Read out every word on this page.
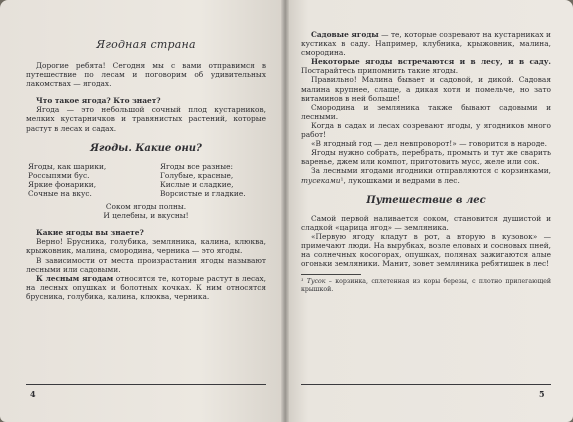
Ягодная страна

Дорогие ребята! Сегодня мы с вами отправимся в путешествие по лесам и поговорим об удивительных лакомствах — ягодах.

Что такое ягода? Кто знает?

Ягода — это небольшой сочный плод кустарников, мелких кустарничков и травянистых растений, которые растут в лесах и садах.

Ягоды. Какие они?
Ягоды, как шарики,
Россыпями бус.
Яркие фонарики,
Сочные на вкус.
Ягоды все разные:
Голубые, красные,
Кислые и сладкие,
Ворсистые и гладкие.
Соком ягоды полны.
И целебны, и вкусны!

Какие ягоды вы знаете?

Верно! Брусника, голубика, земляника, калина, клюква, крыжовник, малина, смородина, черника — это ягоды.

В зависимости от места произрастания ягоды называют лесными или садовыми.

К лесным ягодам относятся те, которые растут в лесах, на лесных опушках и болотных кочках. К ним относятся брусника, голубика, калина, клюква, черника.

4

Садовые ягоды — те, которые созревают на кустарниках и кустиках в саду. Например, клубника, крыжовник, малина, смородина.

Некоторые ягоды встречаются и в лесу, и в саду. Постарайтесь припомнить такие ягоды.

Правильно! Малина бывает и садовой, и дикой. Садовая малина крупнее, слаще, а дикая хотя и помельче, но зато витаминов в ней больше!

Смородина и земляника также бывают садовыми и лесными.

Когда в садах и лесах созревают ягоды, у ягодников много работ!

«В ягодный год — дел невпроворот!» — говорится в народе.

Ягоды нужно собрать, перебрать, промыть и тут же сварить варенье, джем или компот, приготовить мусс, желе или сок.

За лесными ягодами ягодники отправляются с корзинками, тусеками¹, лукошками и ведрами в лес.

Путешествие в лес

Самой первой наливается соком, становится душистой и сладкой «царица ягод» — земляника.

«Первую ягоду кладут в рот, а вторую в кузовок» — примечают люди. На вырубках, возле еловых и сосновых пней, на солнечных косогорах, опушках, полянах зажигаются алые огоньки земляники. Манит, зовет земляника ребятишек в лес!

¹ Тусок – корзинка, сплетенная из коры березы, с плотно прилегающей крышкой.

5
